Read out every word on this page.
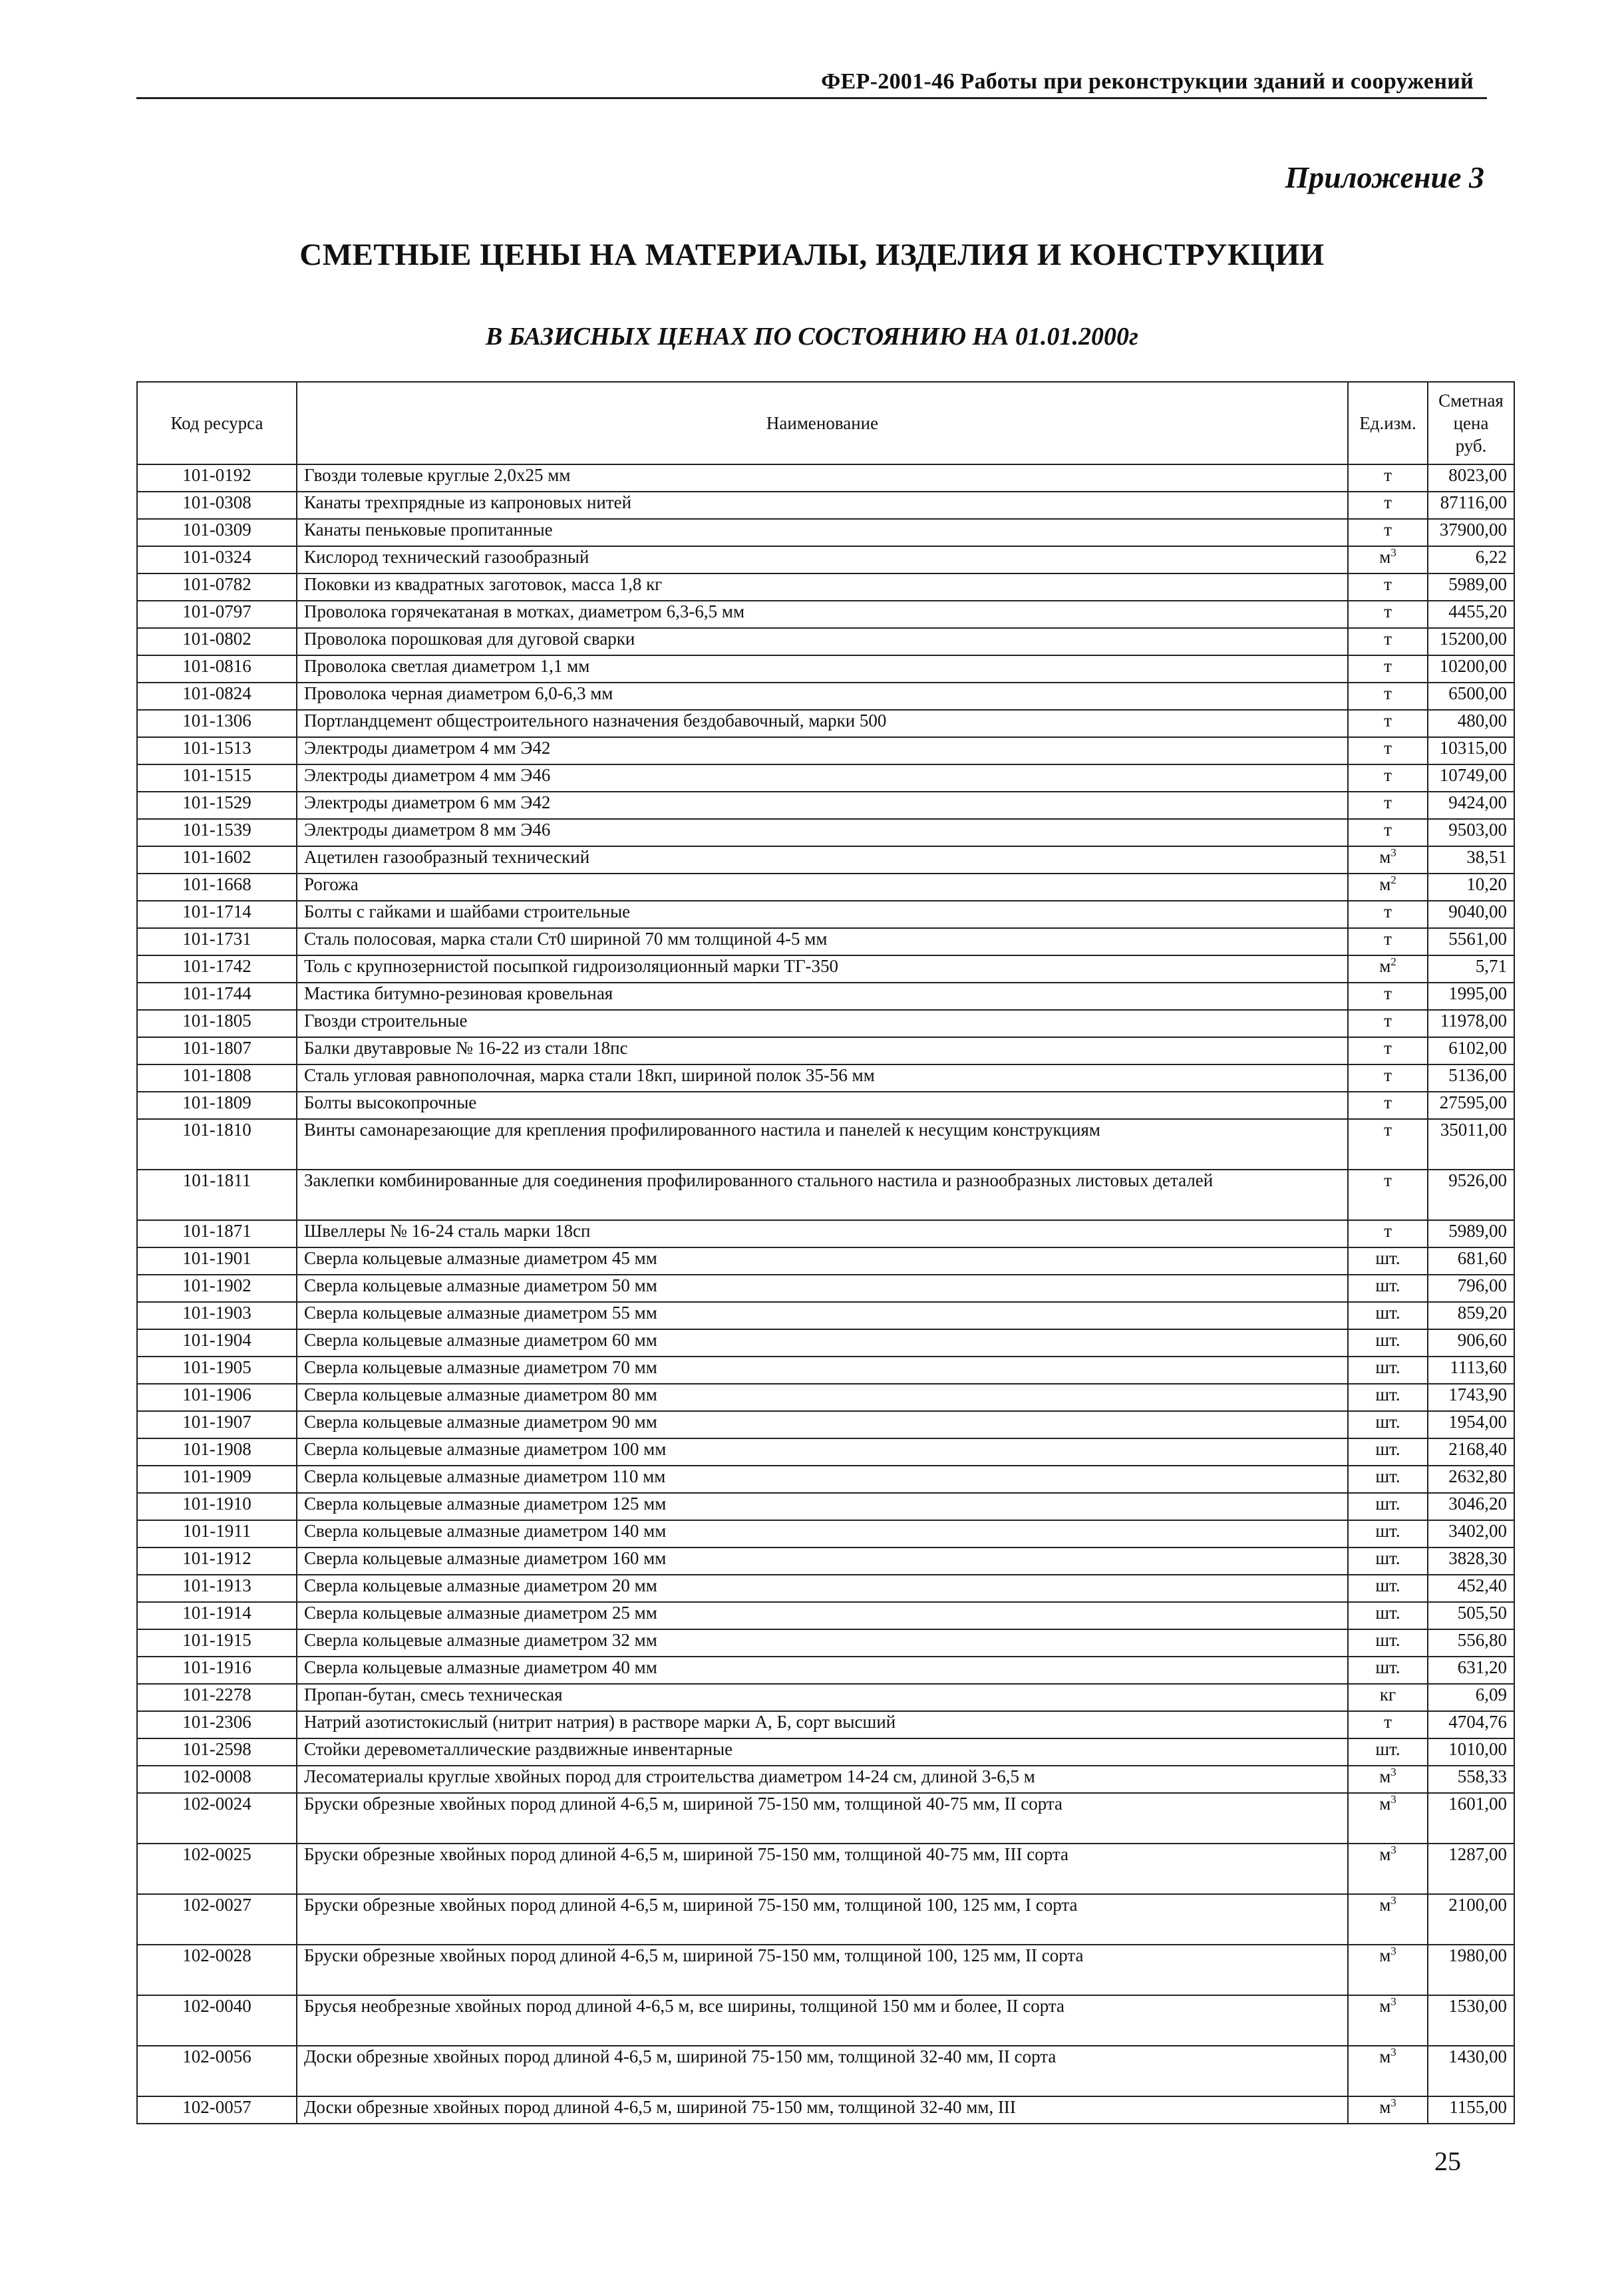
ФЕР-2001-46 Работы при реконструкции зданий и сооружений
Приложение 3
СМЕТНЫЕ ЦЕНЫ НА МАТЕРИАЛЫ, ИЗДЕЛИЯ И КОНСТРУКЦИИ
В БАЗИСНЫХ ЦЕНАХ ПО СОСТОЯНИЮ НА 01.01.2000г
Код ресурса	Наименование	Ед.изм.	Сметная
цена
руб.

101-0192	Гвозди толевые круглые 2,0х25 мм	т	8023,00
101-0308	Канаты трехпрядные из капроновых нитей	т	87116,00
101-0309	Канаты пеньковые пропитанные	т	37900,00
101-0324	Кислород технический газообразный	$м^3$	6,22
101-0782	Поковки из квадратных заготовок, масса 1,8 кг	т	5989,00
101-0797	Проволока горячекатаная в мотках, диаметром 6,3-6,5 мм	т	4455,20
101-0802	Проволока порошковая для дуговой сварки	т	15200,00
101-0816	Проволока светлая диаметром 1,1 мм	т	10200,00
101-0824	Проволока черная диаметром 6,0-6,3 мм	т	6500,00
101-1306	Портландцемент общестроительного назначения бездобавочный, марки 500	т	480,00
101-1513	Электроды диаметром 4 мм Э42	т	10315,00
101-1515	Электроды диаметром 4 мм Э46	т	10749,00
101-1529	Электроды диаметром 6 мм Э42	т	9424,00
101-1539	Электроды диаметром 8 мм Э46	т	9503,00
101-1602	Ацетилен газообразный технический	$м^3$	38,51
101-1668	Рогожа	$м^2$	10,20
101-1714	Болты с гайками и шайбами строительные	т	9040,00
101-1731	Сталь полосовая, марка стали Ст0 шириной 70 мм толщиной 4-5 мм	т	5561,00
101-1742	Толь с крупнозернистой посыпкой гидроизоляционный марки ТГ-350	$м^2$	5,71
101-1744	Мастика битумно-резиновая кровельная	т	1995,00
101-1805	Гвозди строительные	т	11978,00
101-1807	Балки двутавровые № 16-22 из стали 18пс	т	6102,00
101-1808	Сталь угловая равнополочная, марка стали 18кп, шириной полок 35-56 мм	т	5136,00
101-1809	Болты высокопрочные	т	27595,00
101-1810	Винты самонарезающие для крепления профилированного настила и панелей к несущим конструкциям	т	35011,00
101-1811	Заклепки комбинированные для соединения профилированного стального настила и разнообразных листовых деталей	т	9526,00
101-1871	Швеллеры № 16-24 сталь марки 18сп	т	5989,00
101-1901	Сверла кольцевые алмазные диаметром 45 мм	шт.	681,60
101-1902	Сверла кольцевые алмазные диаметром 50 мм	шт.	796,00
101-1903	Сверла кольцевые алмазные диаметром 55 мм	шт.	859,20
101-1904	Сверла кольцевые алмазные диаметром 60 мм	шт.	906,60
101-1905	Сверла кольцевые алмазные диаметром 70 мм	шт.	1113,60
101-1906	Сверла кольцевые алмазные диаметром 80 мм	шт.	1743,90
101-1907	Сверла кольцевые алмазные диаметром 90 мм	шт.	1954,00
101-1908	Сверла кольцевые алмазные диаметром 100 мм	шт.	2168,40
101-1909	Сверла кольцевые алмазные диаметром 110 мм	шт.	2632,80
101-1910	Сверла кольцевые алмазные диаметром 125 мм	шт.	3046,20
101-1911	Сверла кольцевые алмазные диаметром 140 мм	шт.	3402,00
101-1912	Сверла кольцевые алмазные диаметром 160 мм	шт.	3828,30
101-1913	Сверла кольцевые алмазные диаметром 20 мм	шт.	452,40
101-1914	Сверла кольцевые алмазные диаметром 25 мм	шт.	505,50
101-1915	Сверла кольцевые алмазные диаметром 32 мм	шт.	556,80
101-1916	Сверла кольцевые алмазные диаметром 40 мм	шт.	631,20
101-2278	Пропан-бутан, смесь техническая	кг	6,09
101-2306	Натрий азотистокислый (нитрит натрия) в растворе марки А, Б, сорт высший	т	4704,76
101-2598	Стойки деревометаллические раздвижные инвентарные	шт.	1010,00
102-0008	Лесоматериалы круглые хвойных пород для строительства диаметром 14-24 см, длиной 3-6,5 м	$м^3$	558,33
102-0024	Бруски обрезные хвойных пород длиной 4-6,5 м, шириной 75-150 мм, толщиной 40-75 мм, II сорта	$м^3$	1601,00
102-0025	Бруски обрезные хвойных пород длиной 4-6,5 м, шириной 75-150 мм, толщиной 40-75 мм, III сорта	$м^3$	1287,00
102-0027	Бруски обрезные хвойных пород длиной 4-6,5 м, шириной 75-150 мм, толщиной 100, 125 мм, I сорта	$м^3$	2100,00
102-0028	Бруски обрезные хвойных пород длиной 4-6,5 м, шириной 75-150 мм, толщиной 100, 125 мм, II сорта	$м^3$	1980,00
102-0040	Брусья необрезные хвойных пород длиной 4-6,5 м, все ширины, толщиной 150 мм и более, II сорта	$м^3$	1530,00
102-0056	Доски обрезные хвойных пород длиной 4-6,5 м, шириной 75-150 мм, толщиной 32-40 мм, II сорта	$м^3$	1430,00
102-0057	Доски обрезные хвойных пород длиной 4-6,5 м, шириной 75-150 мм, толщиной 32-40 мм, III	$м^3$	1155,00
25
